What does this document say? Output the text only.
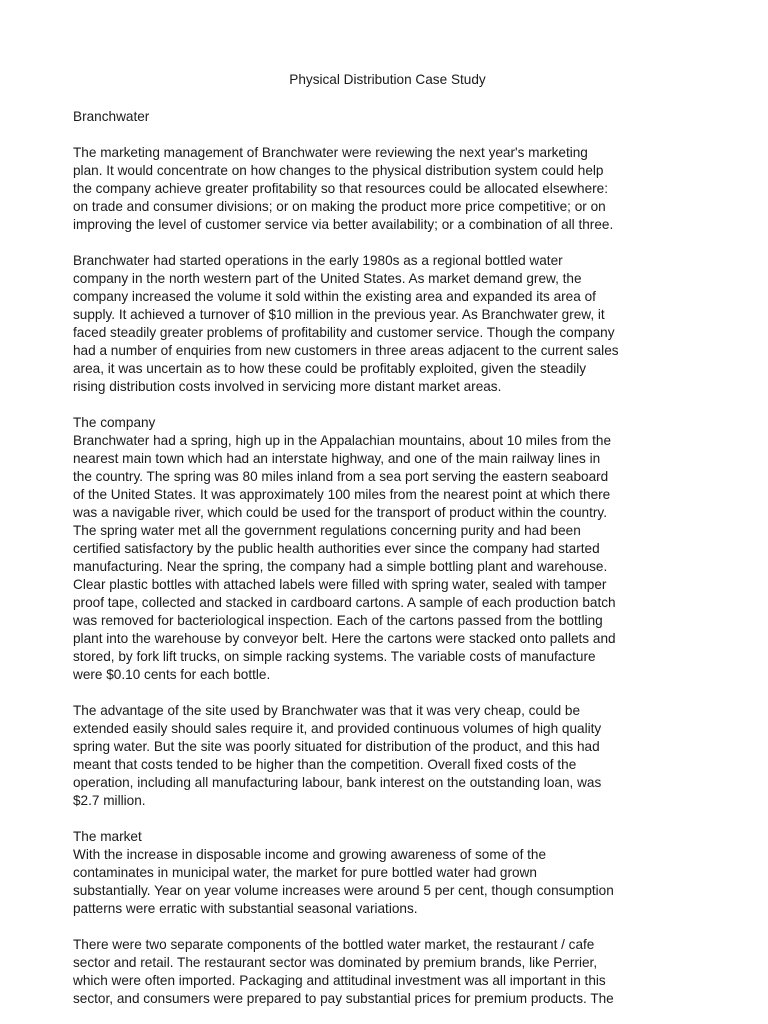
Physical Distribution Case Study
Branchwater

The marketing management of Branchwater were reviewing the next year's marketing
plan. It would concentrate on how changes to the physical distribution system could help
the company achieve greater profitability so that resources could be allocated elsewhere:
on trade and consumer divisions; or on making the product more price competitive; or on
improving the level of customer service via better availability; or a combination of all three.

Branchwater had started operations in the early 1980s as a regional bottled water
company in the north western part of the United States. As market demand grew, the
company increased the volume it sold within the existing area and expanded its area of
supply. It achieved a turnover of $10 million in the previous year. As Branchwater grew, it
faced steadily greater problems of profitability and customer service. Though the company
had a number of enquiries from new customers in three areas adjacent to the current sales
area, it was uncertain as to how these could be profitably exploited, given the steadily
rising distribution costs involved in servicing more distant market areas.

The company

Branchwater had a spring, high up in the Appalachian mountains, about 10 miles from the
nearest main town which had an interstate highway, and one of the main railway lines in
the country. The spring was 80 miles inland from a sea port serving the eastern seaboard
of the United States. It was approximately 100 miles from the nearest point at which there
was a navigable river, which could be used for the transport of product within the country.
The spring water met all the government regulations concerning purity and had been
certified satisfactory by the public health authorities ever since the company had started
manufacturing. Near the spring, the company had a simple bottling plant and warehouse.
Clear plastic bottles with attached labels were filled with spring water, sealed with tamper
proof tape, collected and stacked in cardboard cartons. A sample of each production batch
was removed for bacteriological inspection. Each of the cartons passed from the bottling
plant into the warehouse by conveyor belt. Here the cartons were stacked onto pallets and
stored, by fork lift trucks, on simple racking systems. The variable costs of manufacture
were $0.10 cents for each bottle.

The advantage of the site used by Branchwater was that it was very cheap, could be
extended easily should sales require it, and provided continuous volumes of high quality
spring water. But the site was poorly situated for distribution of the product, and this had
meant that costs tended to be higher than the competition. Overall fixed costs of the
operation, including all manufacturing labour, bank interest on the outstanding loan, was
$2.7 million.

The market

With the increase in disposable income and growing awareness of some of the
contaminates in municipal water, the market for pure bottled water had grown
substantially. Year on year volume increases were around 5 per cent, though consumption
patterns were erratic with substantial seasonal variations.

There were two separate components of the bottled water market, the restaurant / cafe
sector and retail. The restaurant sector was dominated by premium brands, like Perrier,
which were often imported. Packaging and attitudinal investment was all important in this
sector, and consumers were prepared to pay substantial prices for premium products. The
